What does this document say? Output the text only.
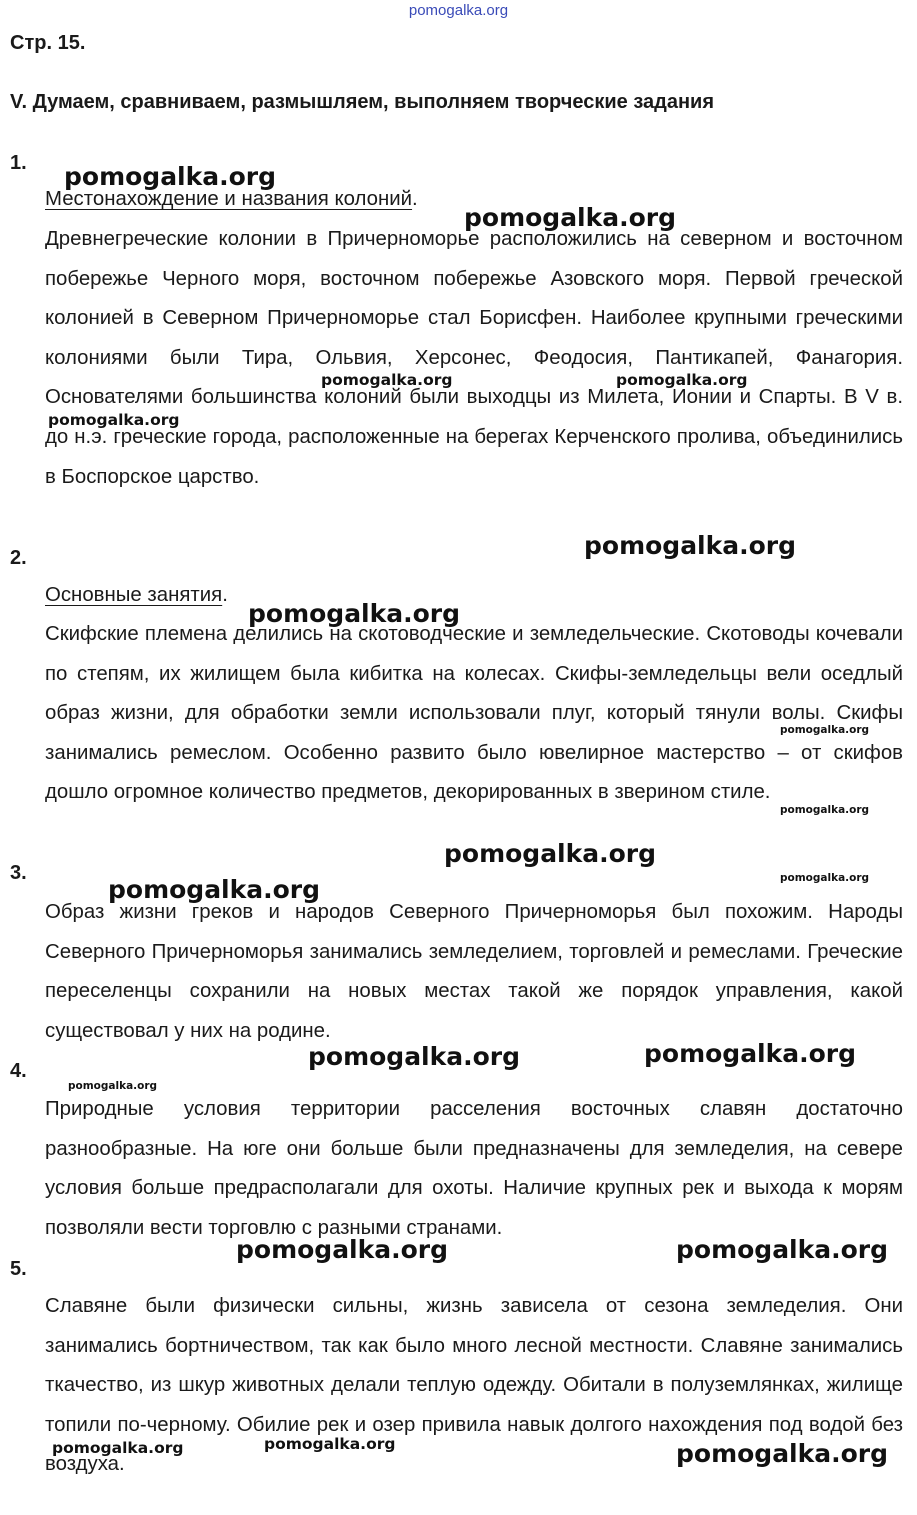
pomogalka.org
Стр. 15.
V. Думаем, сравниваем, размышляем, выполняем творческие задания
1.
Местонахождение и названия колоний.
Древнегреческие колонии в Причерноморье расположились на северном и восточном побережье Черного моря, восточном побережье Азовского моря. Первой греческой колонией в Северном Причерноморье стал Борисфен. Наиболее крупными греческими колониями были Тира, Ольвия, Херсонес, Феодосия, Пантикапей, Фанагория. Основателями большинства колоний были выходцы из Милета, Ионии и Спарты. В V в. до н.э. греческие города, расположенные на берегах Керченского пролива, объединились в Боспорское царство.
2.
Основные занятия.
Скифские племена делились на скотоводческие и земледельческие. Скотоводы кочевали по степям, их жилищем была кибитка на колесах. Скифы-земледельцы вели оседлый образ жизни, для обработки земли использовали плуг, который тянули волы. Скифы занимались ремеслом. Особенно развито было ювелирное мастерство – от скифов дошло огромное количество предметов, декорированных в зверином стиле.
3.
Образ жизни греков и народов Северного Причерноморья был похожим. Народы Северного Причерноморья занимались земледелием, торговлей и ремеслами. Греческие переселенцы сохранили на новых местах такой же порядок управления, какой существовал у них на родине.
4.
Природные условия территории расселения восточных славян достаточно разнообразные. На юге они больше были предназначены для земледелия, на севере условия больше предрасполагали для охоты. Наличие крупных рек и выхода к морям позволяли вести торговлю с разными странами.
5.
Славяне были физически сильны, жизнь зависела от сезона земледелия. Они занимались бортничеством, так как было много лесной местности. Славяне занимались ткачество, из шкур животных делали теплую одежду. Обитали в полуземлянках, жилище топили по-черному. Обилие рек и озер привила навык долгого нахождения под водой без воздуха.
pomogalka.org
pomogalka.org
pomogalka.org	pomogalka.org
pomogalka.org
pomogalka.org
pomogalka.org
pomogalka.org
pomogalka.org
pomogalka.org
pomogalka.org
pomogalka.org
pomogalka.org	pomogalka.org
pomogalka.org
pomogalka.org	pomogalka.org
pomogalka.org	pomogalka.org	pomogalka.org
